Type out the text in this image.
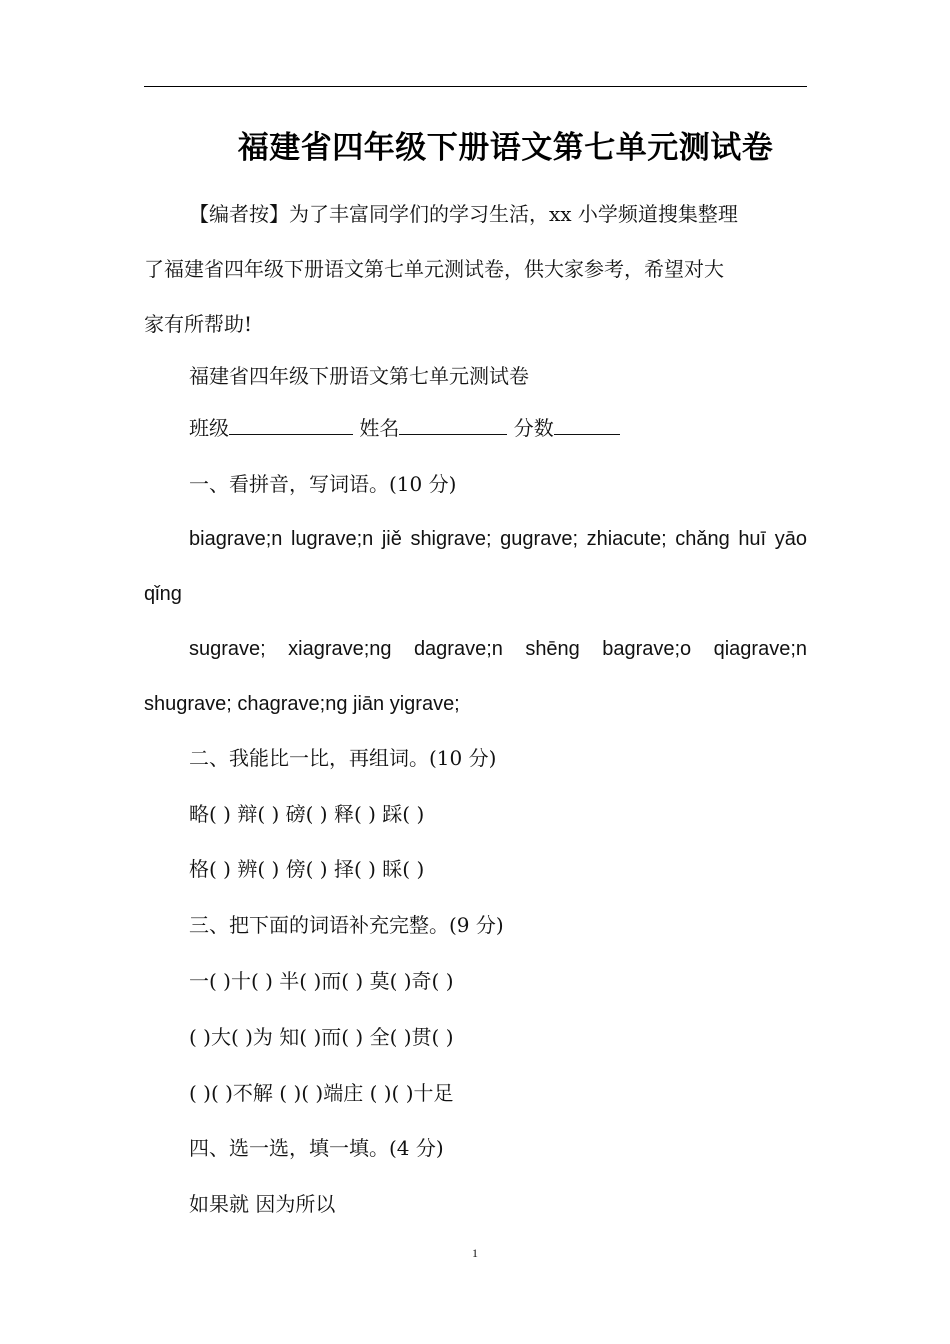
福建省四年级下册语文第七单元测试卷

【编者按】为了丰富同学们的学习生活，xx 小学频道搜集整理

了福建省四年级下册语文第七单元测试卷，供大家参考，希望对大

家有所帮助!

福建省四年级下册语文第七单元测试卷

班级	姓名	分数

一、看拼音，写词语。(10 分)

biagrave;n lugrave;n jiě shigrave; gugrave; zhiacute; chǎng huī yāo

qǐng

sugrave; xiagrave;ng dagrave;n shēng bagrave;o qiagrave;n

shugrave; chagrave;ng jiān yigrave;

二、我能比一比，再组词。(10 分)

略( ) 辩( ) 磅( ) 释( ) 踩( )

格( ) 辨( ) 傍( ) 择( ) 睬( )

三、把下面的词语补充完整。(9 分)

一( )十( ) 半( )而( ) 莫( )奇( )

( )大( )为 知( )而( ) 全( )贯( )

( )( )不解 ( )( )端庄 ( )( )十足

四、选一选，填一填。(4 分)

如果就 因为所以

1
